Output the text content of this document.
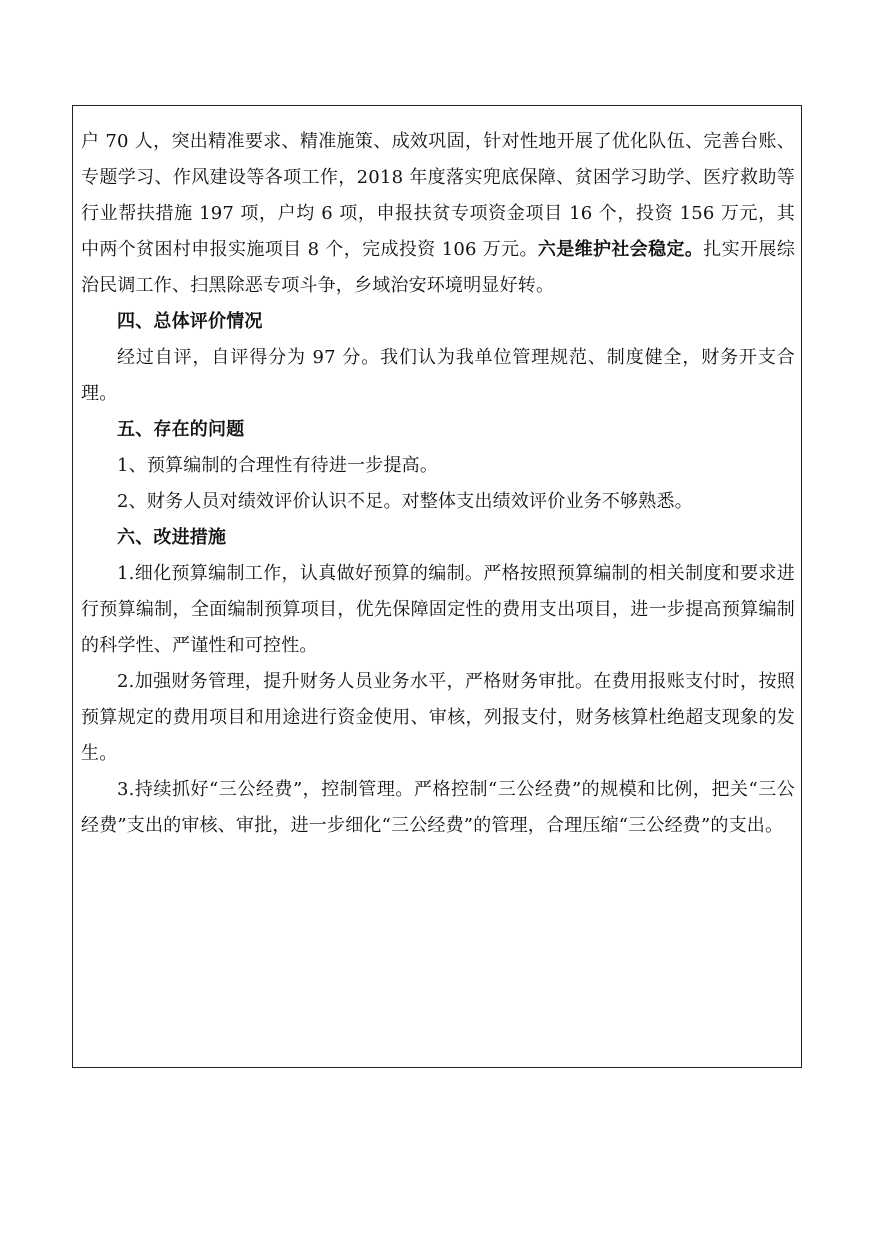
户 70 人，突出精准要求、精准施策、成效巩固，针对性地开展了优化队伍、完善台账、专题学习、作风建设等各项工作，2018 年度落实兜底保障、贫困学习助学、医疗救助等行业帮扶措施 197 项，户均 6 项，申报扶贫专项资金项目 16 个，投资 156 万元，其中两个贫困村申报实施项目 8 个，完成投资 106 万元。六是维护社会稳定。扎实开展综治民调工作、扫黑除恶专项斗争，乡域治安环境明显好转。

四、总体评价情况

经过自评，自评得分为 97 分。我们认为我单位管理规范、制度健全，财务开支合理。

五、存在的问题

1、预算编制的合理性有待进一步提高。

2、财务人员对绩效评价认识不足。对整体支出绩效评价业务不够熟悉。

六、改进措施

1.细化预算编制工作，认真做好预算的编制。严格按照预算编制的相关制度和要求进行预算编制，全面编制预算项目，优先保障固定性的费用支出项目，进一步提高预算编制的科学性、严谨性和可控性。

2.加强财务管理，提升财务人员业务水平，严格财务审批。在费用报账支付时，按照预算规定的费用项目和用途进行资金使用、审核，列报支付，财务核算杜绝超支现象的发生。

3.持续抓好“三公经费”，控制管理。严格控制“三公经费”的规模和比例，把关“三公经费”支出的审核、审批，进一步细化“三公经费”的管理，合理压缩“三公经费”的支出。
